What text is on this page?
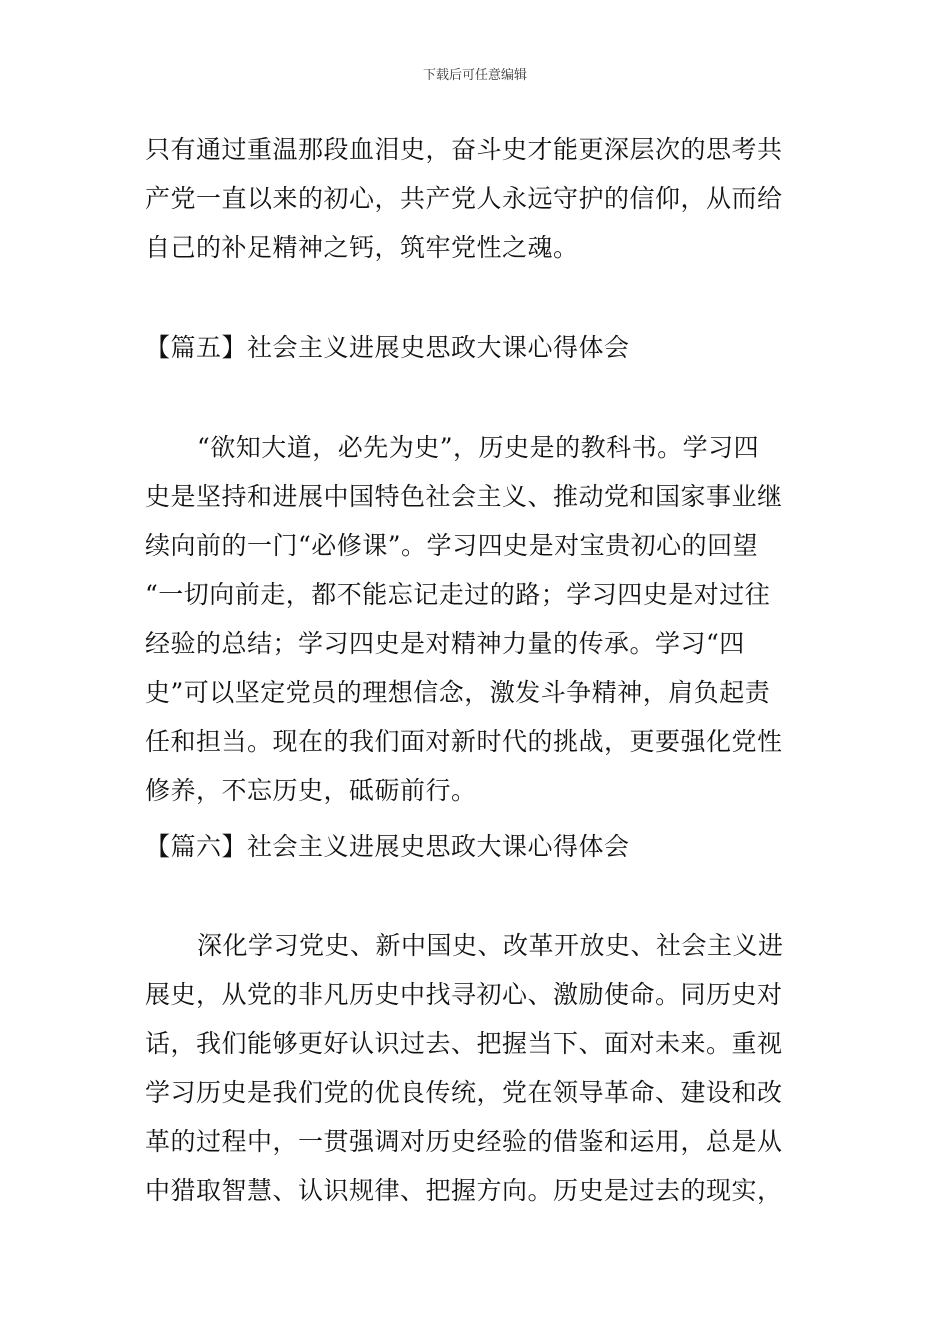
下载后可任意编辑
只有通过重温那段血泪史，奋斗史才能更深层次的思考共
产党一直以来的初心，共产党人永远守护的信仰，从而给
自己的补足精神之钙，筑牢党性之魂。
【篇五】社会主义进展史思政大课心得体会
“欲知大道，必先为史”，历史是的教科书。学习四
史是坚持和进展中国特色社会主义、推动党和国家事业继
续向前的一门“必修课”。学习四史是对宝贵初心的回望
“一切向前走，都不能忘记走过的路；学习四史是对过往
经验的总结；学习四史是对精神力量的传承。学习“四
史”可以坚定党员的理想信念，激发斗争精神，肩负起责
任和担当。现在的我们面对新时代的挑战，更要强化党性
修养，不忘历史，砥砺前行。
【篇六】社会主义进展史思政大课心得体会
深化学习党史、新中国史、改革开放史、社会主义进
展史，从党的非凡历史中找寻初心、激励使命。同历史对
话，我们能够更好认识过去、把握当下、面对未来。重视
学习历史是我们党的优良传统，党在领导革命、建设和改
革的过程中，一贯强调对历史经验的借鉴和运用，总是从
中猎取智慧、认识规律、把握方向。历史是过去的现实，
